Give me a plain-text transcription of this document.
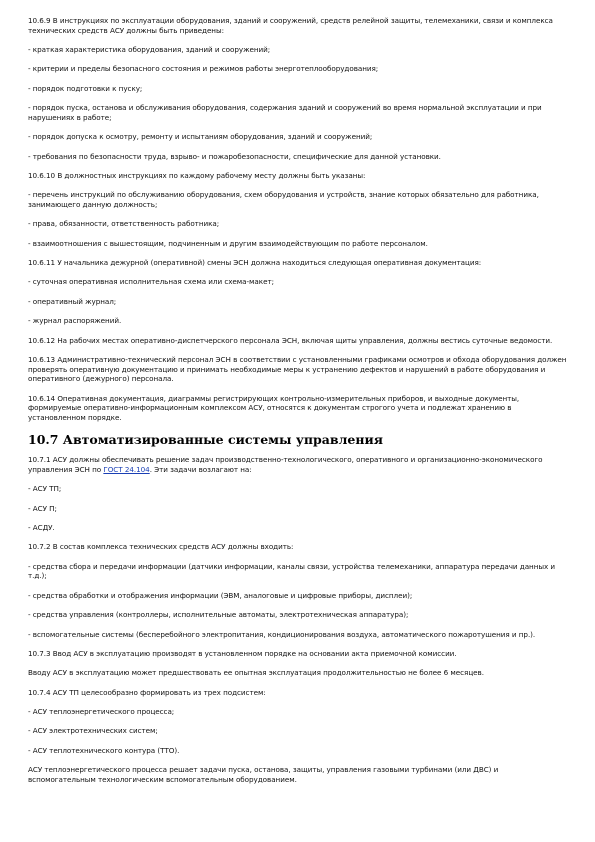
10.6.9 В инструкциях по эксплуатации оборудования, зданий и сооружений, средств релейной защиты, телемеханики, связи и комплекса технических средств АСУ должны быть приведены:

- краткая характеристика оборудования, зданий и сооружений;

- критерии и пределы безопасного состояния и режимов работы энерготеплооборудования;

- порядок подготовки к пуску;

- порядок пуска, останова и обслуживания оборудования, содержания зданий и сооружений во время нормальной эксплуатации и при нарушениях в работе;

- порядок допуска к осмотру, ремонту и испытаниям оборудования, зданий и сооружений;

- требования по безопасности труда, взрыво- и пожаробезопасности, специфические для данной установки.

10.6.10 В должностных инструкциях по каждому рабочему месту должны быть указаны:

- перечень инструкций по обслуживанию оборудования, схем оборудования и устройств, знание которых обязательно для работника, занимающего данную должность;

- права, обязанности, ответственность работника;

- взаимоотношения с вышестоящим, подчиненным и другим взаимодействующим по работе персоналом.

10.6.11 У начальника дежурной (оперативной) смены ЭСН должна находиться следующая оперативная документация:

- суточная оперативная исполнительная схема или схема-макет;

- оперативный журнал;

- журнал распоряжений.

10.6.12 На рабочих местах оперативно-диспетчерского персонала ЭСН, включая щиты управления, должны вестись суточные ведомости.

10.6.13 Административно-технический персонал ЭСН в соответствии с установленными графиками осмотров и обхода оборудования должен проверять оперативную документацию и принимать необходимые меры к устранению дефектов и нарушений в работе оборудования и оперативного (дежурного) персонала.

10.6.14 Оперативная документация, диаграммы регистрирующих контрольно-измерительных приборов, и выходные документы, формируемые оперативно-информационным комплексом АСУ, относятся к документам строгого учета и подлежат хранению в установленном порядке.

10.7 Автоматизированные системы управления

10.7.1 АСУ должны обеспечивать решение задач производственно-технологического, оперативного и организационно-экономического управления ЭСН по ГОСТ 24.104. Эти задачи возлагают на:

- АСУ ТП;

- АСУ П;

- АСДУ.

10.7.2 В состав комплекса технических средств АСУ должны входить:

- средства сбора и передачи информации (датчики информации, каналы связи, устройства телемеханики, аппаратура передачи данных и т.д.);

- средства обработки и отображения информации (ЭВМ, аналоговые и цифровые приборы, дисплеи);

- средства управления (контроллеры, исполнительные автоматы, электротехническая аппаратура);

- вспомогательные системы (бесперебойного электропитания, кондиционирования воздуха, автоматического пожаротушения и пр.).

10.7.3 Ввод АСУ в эксплуатацию производят в установленном порядке на основании акта приемочной комиссии.

Вводу АСУ в эксплуатацию может предшествовать ее опытная эксплуатация продолжительностью не более 6 месяцев.

10.7.4 АСУ ТП целесообразно формировать из трех подсистем:

- АСУ теплоэнергетического процесса;

- АСУ электротехнических систем;

- АСУ теплотехнического контура (ТТО).

АСУ теплоэнергетического процесса решает задачи пуска, останова, защиты, управления газовыми турбинами (или ДВС) и вспомогательным технологическим вспомогательным оборудованием.
